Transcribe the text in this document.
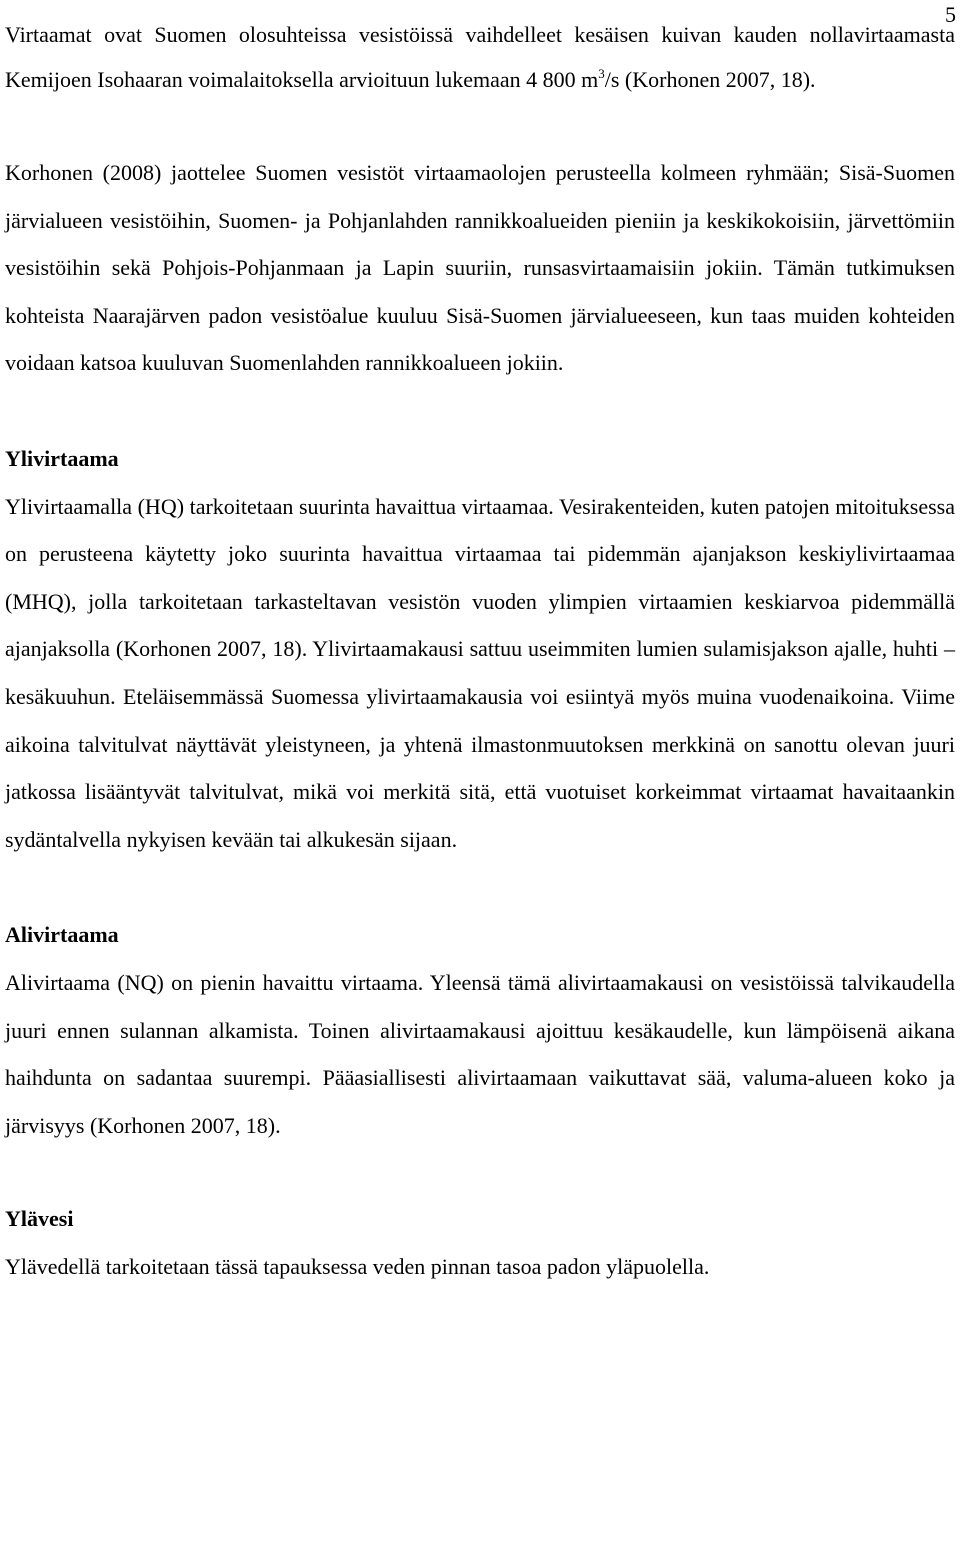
5

Virtaamat ovat Suomen olosuhteissa vesistöissä vaihdelleet kesäisen kuivan kauden nollavirtaamasta Kemijoen Isohaaran voimalaitoksella arvioituun lukemaan 4 800 $m^3/s$ (Korhonen 2007, 18).

Korhonen (2008) jaottelee Suomen vesistöt virtaamaolojen perusteella kolmeen ryhmään; Sisä-Suomen järvialueen vesistöihin, Suomen- ja Pohjanlahden rannikkoalueiden pieniin ja keskikokoisiin, järvettömiin vesistöihin sekä Pohjois-Pohjanmaan ja Lapin suuriin, runsasvirtaamaisiin jokiin. Tämän tutkimuksen kohteista Naarajärven padon vesistöalue kuuluu Sisä-Suomen järvialueeseen, kun taas muiden kohteiden voidaan katsoa kuuluvan Suomenlahden rannikkoalueen jokiin.

Ylivirtaama

Ylivirtaamalla (HQ) tarkoitetaan suurinta havaittua virtaamaa. Vesirakenteiden, kuten patojen mitoituksessa on perusteena käytetty joko suurinta havaittua virtaamaa tai pidemmän ajanjakson keskiylivirtaamaa (MHQ), jolla tarkoitetaan tarkasteltavan vesistön vuoden ylimpien virtaamien keskiarvoa pidemmällä ajanjaksolla (Korhonen 2007, 18). Ylivirtaamakausi sattuu useimmiten lumien sulamisjakson ajalle, huhti – kesäkuuhun. Eteläisemmässä Suomessa ylivirtaamakausia voi esiintyä myös muina vuodenaikoina. Viime aikoina talvitulvat näyttävät yleistyneen, ja yhtenä ilmastonmuutoksen merkkinä on sanottu olevan juuri jatkossa lisääntyvät talvitulvat, mikä voi merkitä sitä, että vuotuiset korkeimmat virtaamat havaitaankin sydäntalvella nykyisen kevään tai alkukesän sijaan.

Alivirtaama

Alivirtaama (NQ) on pienin havaittu virtaama. Yleensä tämä alivirtaamakausi on vesistöissä talvikaudella juuri ennen sulannan alkamista. Toinen alivirtaamakausi ajoittuu kesäkaudelle, kun lämpöisenä aikana haihdunta on sadantaa suurempi. Pääasiallisesti alivirtaamaan vaikuttavat sää, valuma-alueen koko ja järvisyys (Korhonen 2007, 18).

Ylävesi

Ylävedellä tarkoitetaan tässä tapauksessa veden pinnan tasoa padon yläpuolella.
